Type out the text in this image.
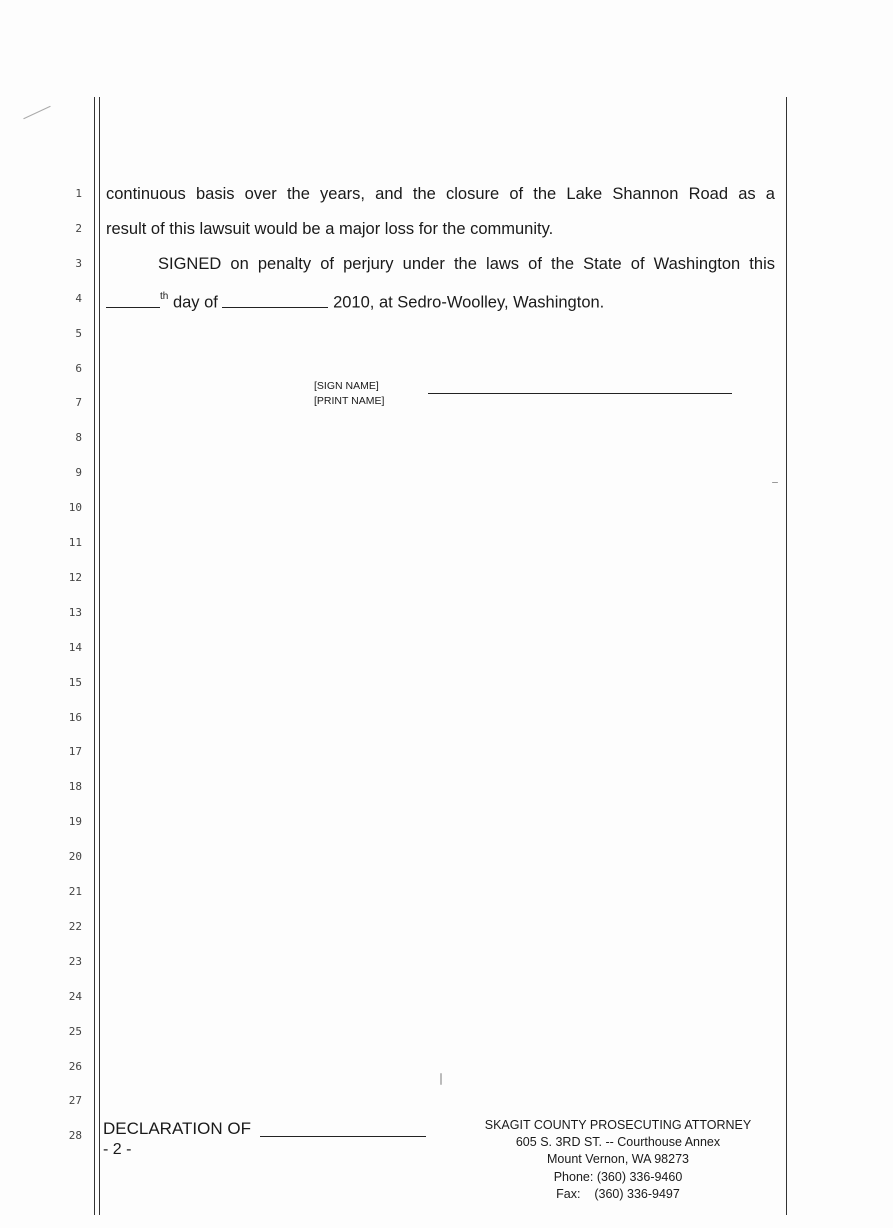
1
2
3
4
5
6
7
8
9
10
11
12
13
14
15
16
17
18
19
20
21
22
23
24
25
26
27
28
continuous basis over the years, and the closure of the Lake Shannon Road as a
result of this lawsuit would be a major loss for the community.
SIGNED on penalty of perjury under the laws of the State of Washington this
$^{th}$ day of	2010, at Sedro-Woolley, Washington.
[SIGN NAME]
[PRINT NAME]
DECLARATION OF
- 2 -
SKAGIT COUNTY PROSECUTING ATTORNEY
605 S. 3RD ST. -- Courthouse Annex
Mount Vernon, WA 98273
Phone: (360) 336-9460
Fax: (360) 336-9497
